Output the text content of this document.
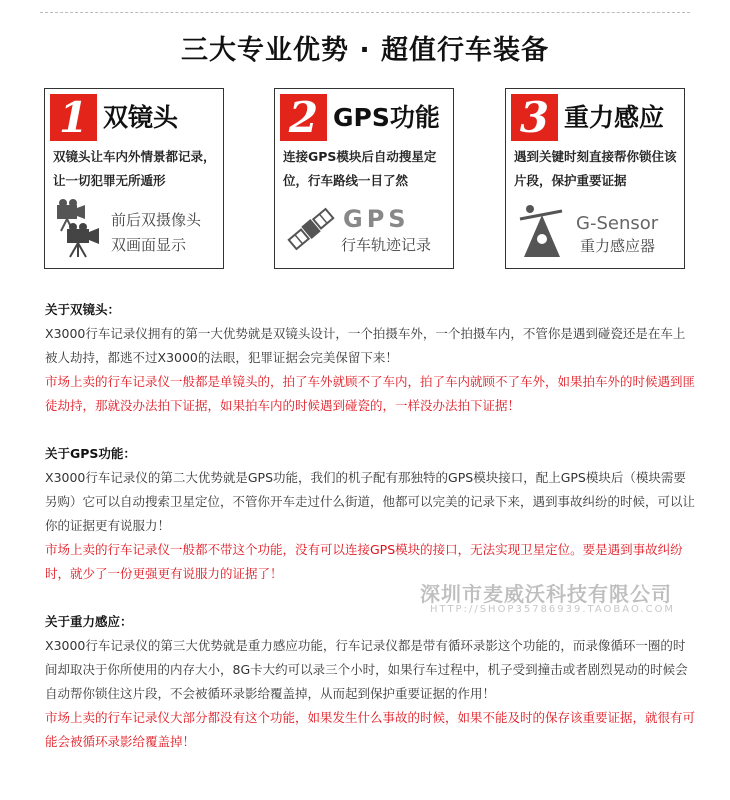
三大专业优势 · 超值行车装备
1 双镜头
双镜头让车内外情景都记录，让一切犯罪无所遁形
前后双摄像头
双画面显示
2 GPS功能
连接GPS模块后自动搜星定位，行车路线一目了然
GPS
行车轨迹记录
3 重力感应
遇到关键时刻直接帮你锁住该片段，保护重要证据
G-Sensor
重力感应器
关于双镜头：
X3000行车记录仪拥有的第一大优势就是双镜头设计，一个拍摄车外，一个拍摄车内，不管你是遇到碰瓷还是在车上被人劫持，都逃不过X3000的法眼，犯罪证据会完美保留下来！
市场上卖的行车记录仪一般都是单镜头的，拍了车外就顾不了车内，拍了车内就顾不了车外，如果拍车外的时候遇到匪徒劫持，那就没办法拍下证据，如果拍车内的时候遇到碰瓷的，一样没办法拍下证据！
关于GPS功能：
X3000行车记录仪的第二大优势就是GPS功能，我们的机子配有那独特的GPS模块接口，配上GPS模块后（模块需要另购）它可以自动搜索卫星定位，不管你开车走过什么街道，他都可以完美的记录下来，遇到事故纠纷的时候，可以让你的证据更有说服力！
市场上卖的行车记录仪一般都不带这个功能，没有可以连接GPS模块的接口，无法实现卫星定位。要是遇到事故纠纷时，就少了一份更强更有说服力的证据了！
关于重力感应：
X3000行车记录仪的第三大优势就是重力感应功能，行车记录仪都是带有循环录影这个功能的，而录像循环一圈的时间却取决于你所使用的内存大小，8G卡大约可以录三个小时，如果行车过程中，机子受到撞击或者剧烈晃动的时候会自动帮你锁住这片段，不会被循环录影给覆盖掉，从而起到保护重要证据的作用！
市场上卖的行车记录仪大部分都没有这个功能，如果发生什么事故的时候，如果不能及时的保存该重要证据，就很有可能会被循环录影给覆盖掉！
深圳市麦威沃科技有限公司
HTTP://SHOP35786939.TAOBAO.COM
